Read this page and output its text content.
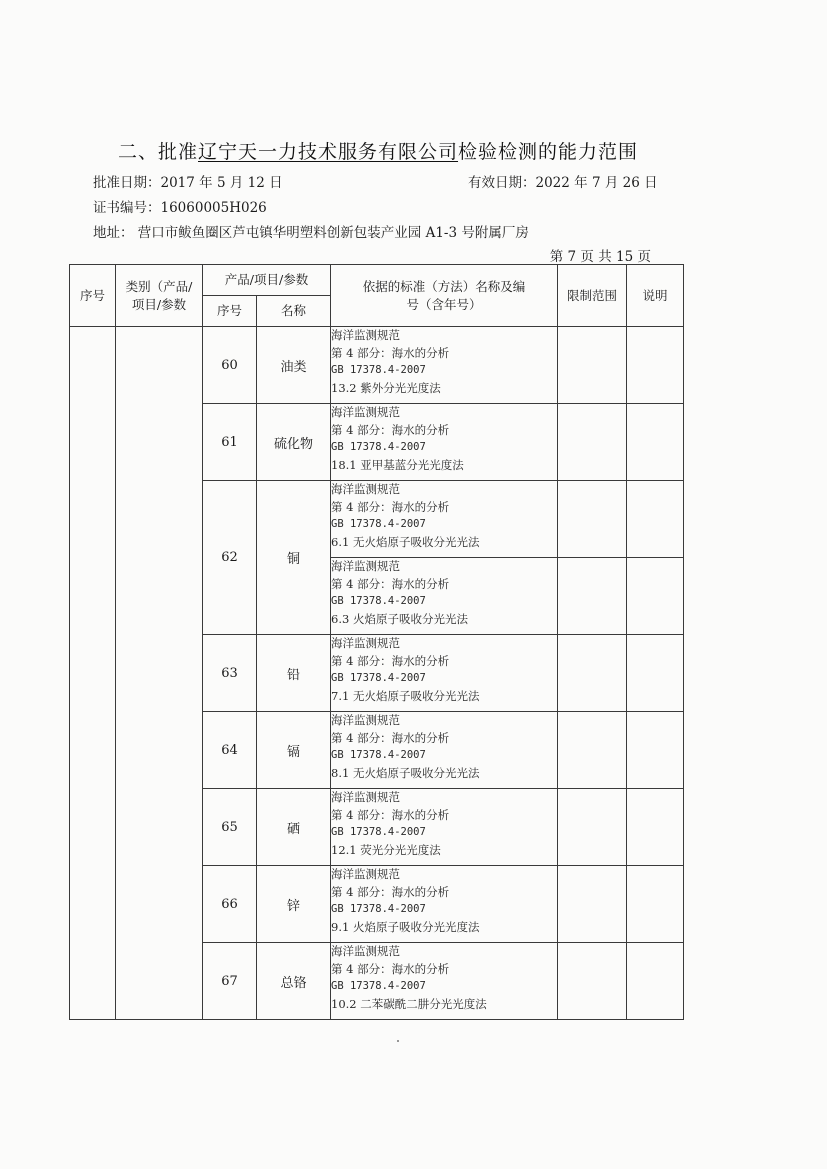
二、批准辽宁天一力技术服务有限公司检验检测的能力范围
批准日期：2017 年 5 月 12 日	有效日期：2022 年 7 月 26 日
证书编号：16060005H026
地址： 营口市鲅鱼圈区芦屯镇华明塑料创新包装产业园 A1-3 号附属厂房
第 7 页 共 15 页
序号	类别（产品/项目/参数	产品/项目/参数		依据的标准（方法）名称及编号（含年号）	限制范围	说明
		序号	名称			
		60	油类	海洋监测规范
第 4 部分：海水的分析
GB 17378.4-2007
13.2 紫外分光光度法		

		61	硫化物	海洋监测规范
第 4 部分：海水的分析
GB 17378.4-2007
18.1 亚甲基蓝分光光度法		

		62	铜	海洋监测规范
第 4 部分：海水的分析
GB 17378.4-2007
6.1 无火焰原子吸收分光光法		

				海洋监测规范
第 4 部分：海水的分析
GB 17378.4-2007
6.3 火焰原子吸收分光光法		

		63	铅	海洋监测规范
第 4 部分：海水的分析
GB 17378.4-2007
7.1 无火焰原子吸收分光光法		

		64	镉	海洋监测规范
第 4 部分：海水的分析
GB 17378.4-2007
8.1 无火焰原子吸收分光光法		

		65	硒	海洋监测规范
第 4 部分：海水的分析
GB 17378.4-2007
12.1 荧光分光光度法		

		66	锌	海洋监测规范
第 4 部分：海水的分析
GB 17378.4-2007
9.1 火焰原子吸收分光光度法		

		67	总铬	海洋监测规范
第 4 部分：海水的分析
GB 17378.4-2007
10.2 二苯碳酰二肼分光光度法		
